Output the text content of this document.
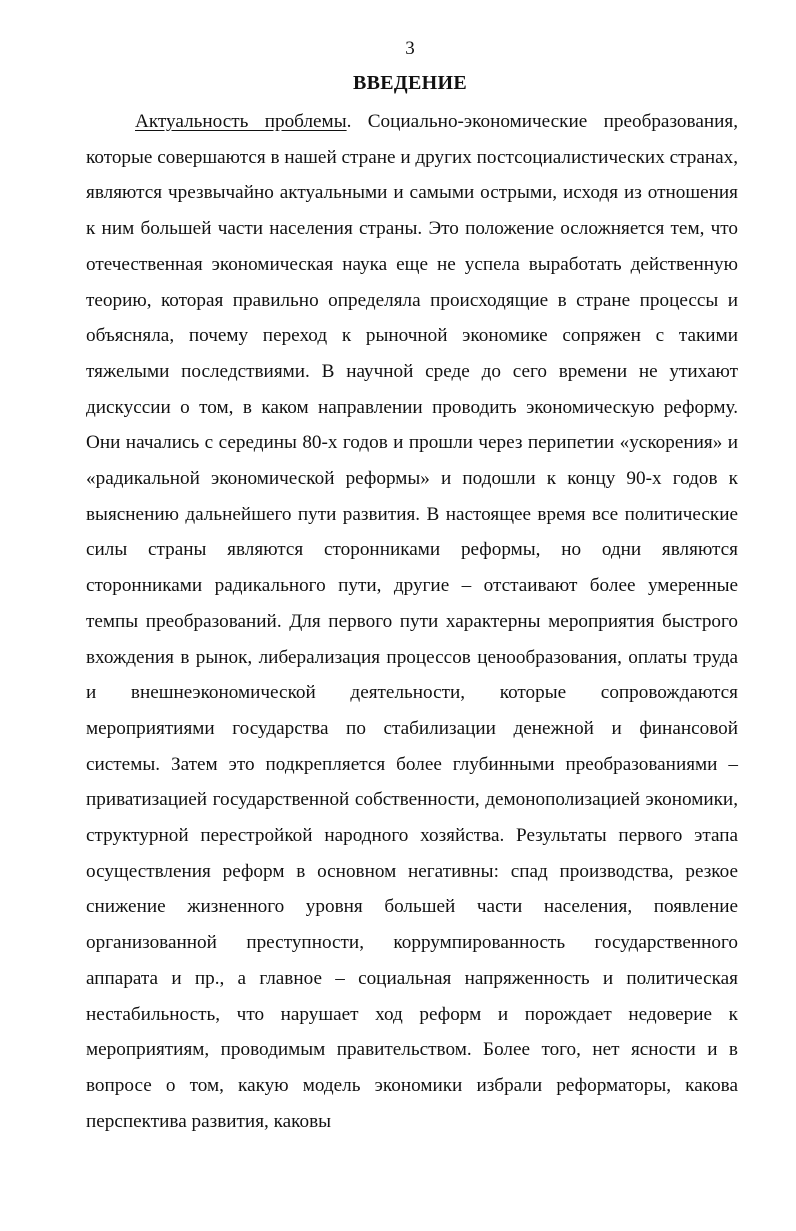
3
ВВЕДЕНИЕ

Актуальность проблемы. Социально-экономические преобразования, которые совершаются в нашей стране и других постсоциалистических странах, являются чрезвычайно актуальными и самыми острыми, исходя из отношения к ним большей части населения страны. Это положение осложняется тем, что отечественная экономическая наука еще не успела выработать действенную теорию, которая правильно определяла происходящие в стране процессы и объясняла, почему переход к рыночной экономике сопряжен с такими тяжелыми последствиями. В научной среде до сего времени не утихают дискуссии о том, в каком направлении проводить экономическую реформу. Они начались с середины 80-х годов и прошли через перипетии «ускорения» и «радикальной экономической реформы» и подошли к концу 90-х годов к выяснению дальнейшего пути развития. В настоящее время все политические силы страны являются сторонниками реформы, но одни являются сторонниками радикального пути, другие – отстаивают более умеренные темпы преобразований. Для первого пути характерны мероприятия быстрого вхождения в рынок, либерализация процессов ценообразования, оплаты труда и внешнеэкономической деятельности, которые сопровождаются мероприятиями государства по стабилизации денежной и финансовой системы. Затем это подкрепляется более глубинными преобразованиями – приватизацией государственной собственности, демонополизацией экономики, структурной перестройкой народного хозяйства. Результаты первого этапа осуществления реформ в основном негативны: спад производства, резкое снижение жизненного уровня большей части населения, появление организованной преступности, коррумпированность государственного аппарата и пр., а главное – социальная напряженность и политическая нестабильность, что нарушает ход реформ и порождает недоверие к мероприятиям, проводимым правительством. Более того, нет ясности и в вопросе о том, какую модель экономики избрали реформаторы, какова перспектива развития, каковы
